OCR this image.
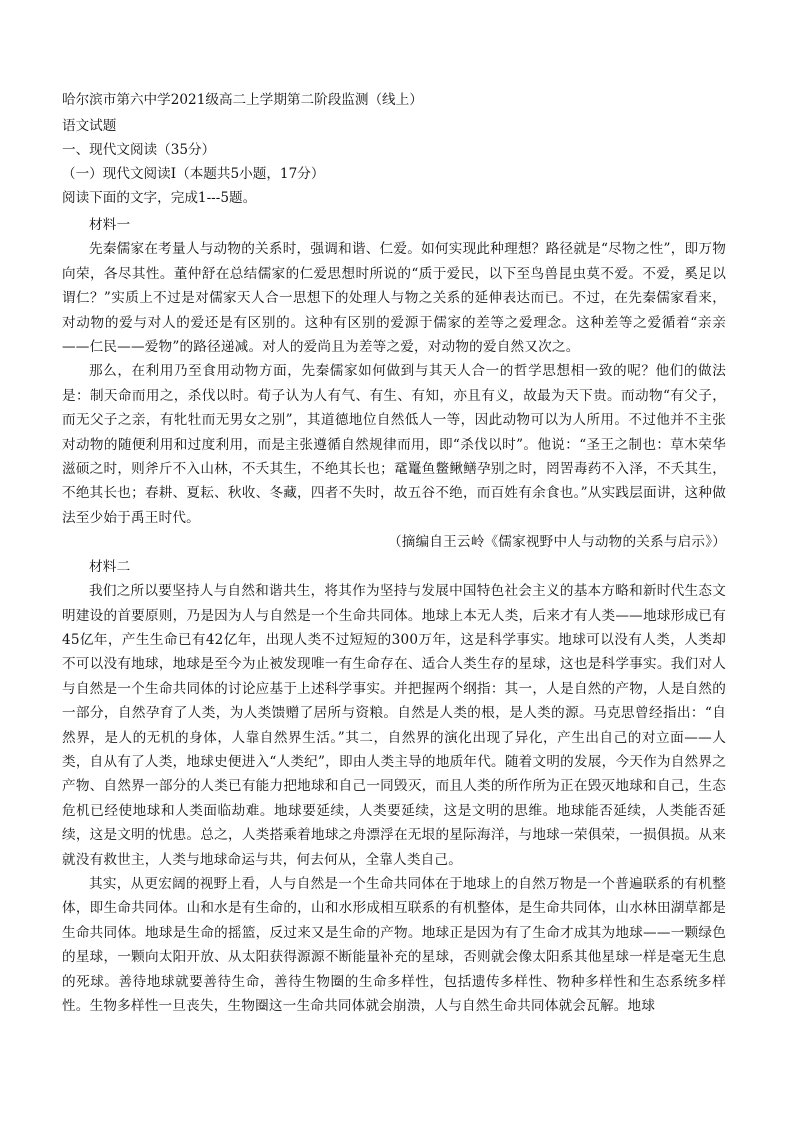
哈尔滨市第六中学2021级高二上学期第二阶段监测（线上）
语文试题
一、现代文阅读（35分）
（一）现代文阅读Ⅰ（本题共5小题，17分）
阅读下面的文字，完成1---5题。

材料一

先秦儒家在考量人与动物的关系时，强调和谐、仁爱。如何实现此种理想？路径就是“尽物之性”，即万物向荣，各尽其性。董仲舒在总结儒家的仁爱思想时所说的“质于爱民，以下至鸟兽昆虫莫不爱。不爱，奚足以谓仁？”实质上不过是对儒家天人合一思想下的处理人与物之关系的延伸表达而已。不过，在先秦儒家看来，对动物的爱与对人的爱还是有区别的。这种有区别的爱源于儒家的差等之爱理念。这种差等之爱循着“亲亲——仁民——爱物”的路径递减。对人的爱尚且为差等之爱，对动物的爱自然又次之。

那么，在利用乃至食用动物方面，先秦儒家如何做到与其天人合一的哲学思想相一致的呢？他们的做法是：制天命而用之，杀伐以时。荀子认为人有气、有生、有知，亦且有义，故最为天下贵。而动物“有父子，而无父子之亲，有牝牡而无男女之别”，其道德地位自然低人一等，因此动物可以为人所用。不过他并不主张对动物的随便利用和过度利用，而是主张遵循自然规律而用，即“杀伐以时”。他说：“圣王之制也：草木荣华滋硕之时，则斧斤不入山林，不夭其生，不绝其长也；鼋鼍鱼鳖鳅鳝孕别之时，罔罟毒药不入泽，不夭其生，不绝其长也；春耕、夏耘、秋收、冬藏，四者不失时，故五谷不绝，而百姓有余食也。”从实践层面讲，这种做法至少始于禹王时代。

（摘编自王云岭《儒家视野中人与动物的关系与启示》）

材料二

我们之所以要坚持人与自然和谐共生，将其作为坚持与发展中国特色社会主义的基本方略和新时代生态文明建设的首要原则，乃是因为人与自然是一个生命共同体。地球上本无人类，后来才有人类——地球形成已有45亿年，产生生命已有42亿年，出现人类不过短短的300万年，这是科学事实。地球可以没有人类，人类却不可以没有地球，地球是至今为止被发现唯一有生命存在、适合人类生存的星球，这也是科学事实。我们对人与自然是一个生命共同体的讨论应基于上述科学事实。并把握两个纲指：其一，人是自然的产物，人是自然的一部分，自然孕育了人类，为人类馈赠了居所与资粮。自然是人类的根，是人类的源。马克思曾经指出：“自然界，是人的无机的身体，人靠自然界生活。”其二，自然界的演化出现了异化，产生出自己的对立面——人类，自从有了人类，地球史便进入“人类纪”，即由人类主导的地质年代。随着文明的发展，今天作为自然界之产物、自然界一部分的人类已有能力把地球和自己一同毁灭，而且人类的所作所为正在毁灭地球和自己，生态危机已经使地球和人类面临劫难。地球要延续，人类要延续，这是文明的思维。地球能否延续，人类能否延续，这是文明的忧患。总之，人类搭乘着地球之舟漂浮在无垠的星际海洋，与地球一荣俱荣，一损俱损。从来就没有救世主，人类与地球命运与共，何去何从，全靠人类自己。

其实，从更宏阔的视野上看，人与自然是一个生命共同体在于地球上的自然万物是一个普遍联系的有机整体，即生命共同体。山和水是有生命的，山和水形成相互联系的有机整体，是生命共同体，山水林田湖草都是生命共同体。地球是生命的摇篮，反过来又是生命的产物。地球正是因为有了生命才成其为地球——一颗绿色的星球，一颗向太阳开放、从太阳获得源源不断能量补充的星球，否则就会像太阳系其他星球一样是毫无生息的死球。善待地球就要善待生命，善待生物圈的生命多样性，包括遗传多样性、物种多样性和生态系统多样性。生物多样性一旦丧失，生物圈这一生命共同体就会崩溃，人与自然生命共同体就会瓦解。地球
